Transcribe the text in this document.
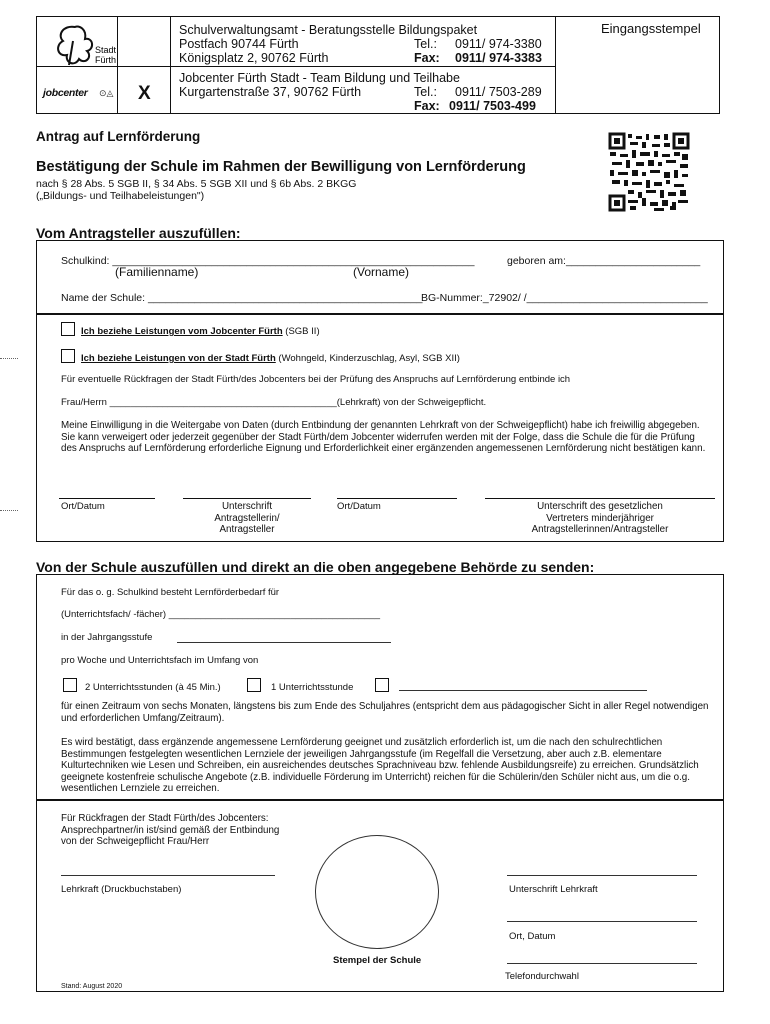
Stadt
Fürth
jobcenter ⊙◬ X
Schulverwaltungsamt - Beratungsstelle Bildungspaket
Postfach 90744 Fürth	Tel.: 0911/ 974-3380
Königsplatz 2, 90762 Fürth	Fax: 0911/ 974-3383
Jobcenter Fürth Stadt - Team Bildung und Teilhabe
Kurgartenstraße 37, 90762 Fürth	Tel.: 0911/ 7503-289
Fax: 0911/ 7503-499
Eingangsstempel
Antrag auf Lernförderung
Bestätigung der Schule im Rahmen der Bewilligung von Lernförderung
nach § 28 Abs. 5 SGB II, § 34 Abs. 5 SGB XII und § 6b Abs. 2 BKGG
(„Bildungs- und Teilhabeleistungen")
Vom Antragsteller auszufüllen:
Schulkind: ______________________________________________________________	geboren am:_______________________
(Familienname)	(Vorname)
Name der Schule: _______________________________________________
BG-Nummer:_72902/ /_______________________________
Ich beziehe Leistungen vom Jobcenter Fürth (SGB II)
Ich beziehe Leistungen von der Stadt Fürth (Wohngeld, Kinderzuschlag, Asyl, SGB XII)
Für eventuelle Rückfragen der Stadt Fürth/des Jobcenters bei der Prüfung des Anspruchs auf Lernförderung entbinde ich
Frau/Herrn ___________________________________________(Lehrkraft) von der Schweigepflicht.
Meine Einwilligung in die Weitergabe von Daten (durch Entbindung der genannten Lehrkraft von der Schweigepflicht) habe ich freiwillig abgegeben. Sie kann verweigert oder jederzeit gegenüber der Stadt Fürth/dem Jobcenter widerrufen werden mit der Folge, dass die Schule die für die Prüfung des Anspruchs auf Lernförderung erforderliche Eignung und Erforderlichkeit einer ergänzenden angemessenen Lernförderung nicht bestätigen kann.
Ort/Datum	Unterschrift
Antragstellerin/
Antragsteller
Ort/Datum	Unterschrift des gesetzlichen
Vertreters minderjähriger
Antragstellerinnen/Antragsteller
Von der Schule auszufüllen und direkt an die oben angegebene Behörde zu senden:
Für das o. g. Schulkind besteht Lernförderbedarf für
(Unterrichtsfach/ -fächer) ________________________________________
in der Jahrgangsstufe
pro Woche und Unterrichtsfach im Umfang von
2 Unterrichtsstunden (à 45 Min.)	1 Unterrichtsstunde
für einen Zeitraum von sechs Monaten, längstens bis zum Ende des Schuljahres (entspricht dem aus pädagogischer Sicht in aller Regel notwendigen und erforderlichen Umfang/Zeitraum).
Es wird bestätigt, dass ergänzende angemessene Lernförderung geeignet und zusätzlich erforderlich ist, um die nach den schulrechtlichen Bestimmungen festgelegten wesentlichen Lernziele der jeweiligen Jahrgangsstufe (im Regelfall die Versetzung, aber auch z.B. elementare Kulturtechniken wie Lesen und Schreiben, ein ausreichendes deutsches Sprachniveau bzw. fehlende Ausbildungsreife) zu erreichen. Grundsätzlich geeignete kostenfreie schulische Angebote (z.B. individuelle Förderung im Unterricht) reichen für die Schülerin/den Schüler nicht aus, um die o.g. wesentlichen Lernziele zu erreichen.
Für Rückfragen der Stadt Fürth/des Jobcenters:
Ansprechpartner/in ist/sind gemäß der Entbindung
von der Schweigepflicht Frau/Herr
Lehrkraft (Druckbuchstaben)
Stempel der Schule
Unterschrift Lehrkraft
Ort, Datum
Telefondurchwahl
Stand: August 2020
